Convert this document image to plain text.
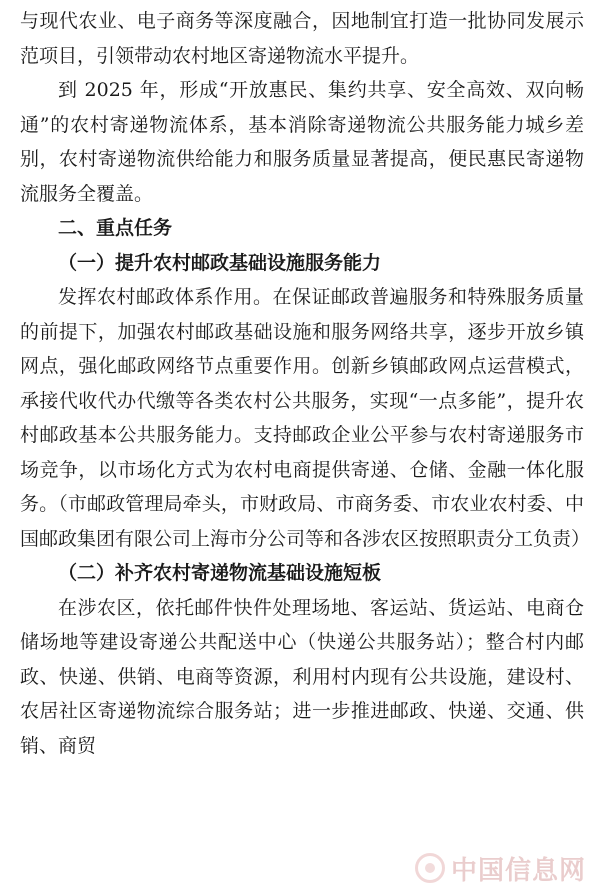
与现代农业、电子商务等深度融合，因地制宜打造一批协同发展示范项目，引领带动农村地区寄递物流水平提升。

到 2025 年，形成“开放惠民、集约共享、安全高效、双向畅通”的农村寄递物流体系，基本消除寄递物流公共服务能力城乡差别，农村寄递物流供给能力和服务质量显著提高，便民惠民寄递物流服务全覆盖。

二、重点任务

（一）提升农村邮政基础设施服务能力

发挥农村邮政体系作用。在保证邮政普遍服务和特殊服务质量的前提下，加强农村邮政基础设施和服务网络共享，逐步开放乡镇网点，强化邮政网络节点重要作用。创新乡镇邮政网点运营模式，承接代收代办代缴等各类农村公共服务，实现“一点多能”，提升农村邮政基本公共服务能力。支持邮政企业公平参与农村寄递服务市场竞争，以市场化方式为农村电商提供寄递、仓储、金融一体化服务。（市邮政管理局牵头，市财政局、市商务委、市农业农村委、中国邮政集团有限公司上海市分公司等和各涉农区按照职责分工负责）

（二）补齐农村寄递物流基础设施短板

在涉农区，依托邮件快件处理场地、客运站、货运站、电商仓储场地等建设寄递公共配送中心（快递公共服务站）；整合村内邮政、快递、供销、电商等资源，利用村内现有公共设施，建设村、农居社区寄递物流综合服务站；进一步推进邮政、快递、交通、供销、商贸

中国信息网
